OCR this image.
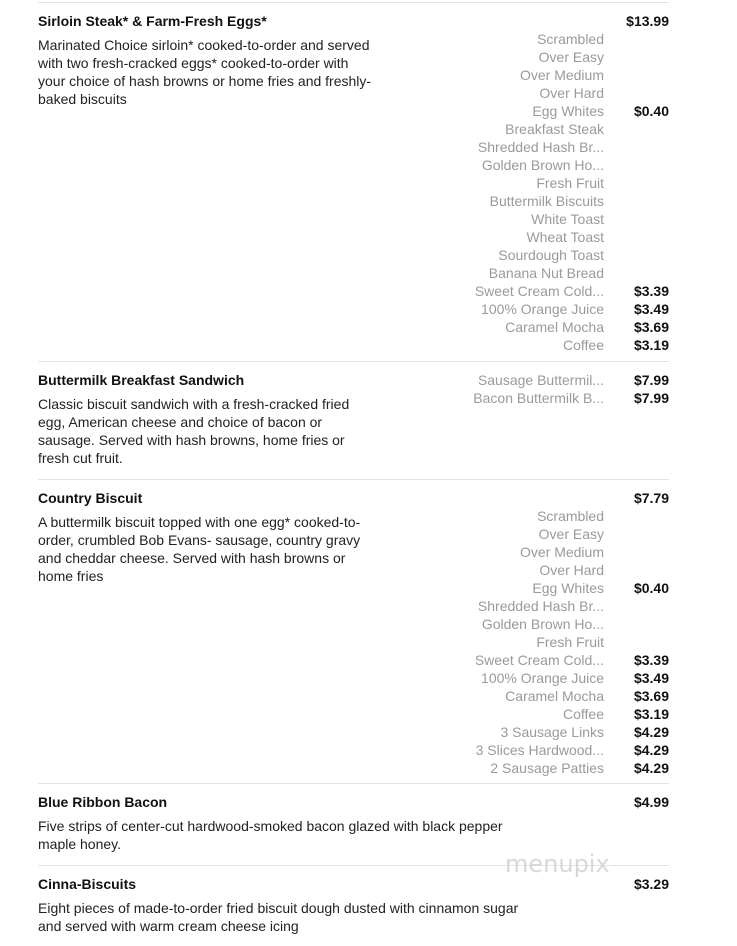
Sirloin Steak* & Farm-Fresh Eggs*
Marinated Choice sirloin* cooked-to-order and served with two fresh-cracked eggs* cooked-to-order with your choice of hash browns or home fries and freshly-baked biscuits
$13.99
Scrambled
Over Easy
Over Medium
Over Hard
Egg Whites $0.40
Breakfast Steak
Shredded Hash Br...
Golden Brown Ho...
Fresh Fruit
Buttermilk Biscuits
White Toast
Wheat Toast
Sourdough Toast
Banana Nut Bread
Sweet Cream Cold... $3.39
100% Orange Juice $3.49
Caramel Mocha $3.69
Coffee $3.19
Buttermilk Breakfast Sandwich
Classic biscuit sandwich with a fresh-cracked fried egg, American cheese and choice of bacon or sausage. Served with hash browns, home fries or fresh cut fruit.
Sausage Buttermil... $7.99
Bacon Buttermilk B... $7.99
Country Biscuit
A buttermilk biscuit topped with one egg* cooked-to-order, crumbled Bob Evans- sausage, country gravy and cheddar cheese. Served with hash browns or home fries
$7.79
Scrambled
Over Easy
Over Medium
Over Hard
Egg Whites $0.40
Shredded Hash Br...
Golden Brown Ho...
Fresh Fruit
Sweet Cream Cold... $3.39
100% Orange Juice $3.49
Caramel Mocha $3.69
Coffee $3.19
3 Sausage Links $4.29
3 Slices Hardwood... $4.29
2 Sausage Patties $4.29
Blue Ribbon Bacon
Five strips of center-cut hardwood-smoked bacon glazed with black pepper maple honey.
$4.99
Cinna-Biscuits
Eight pieces of made-to-order fried biscuit dough dusted with cinnamon sugar and served with warm cream cheese icing
$3.29
menupix
